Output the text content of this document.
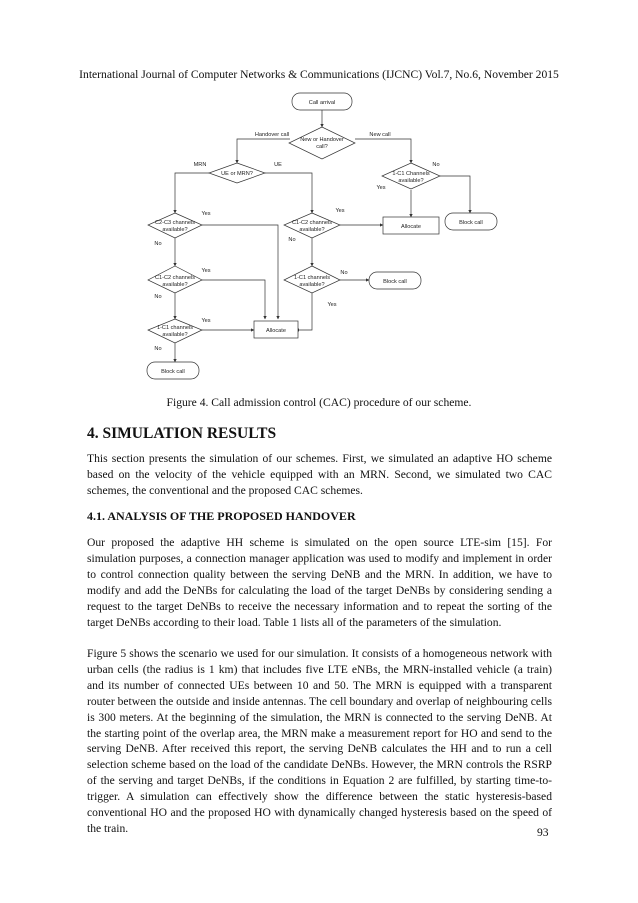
International Journal of Computer Networks & Communications (IJCNC) Vol.7, No.6, November 2015
Call arrival
New or Handover
call?
Handover call	New call
UE or MRN?
MRN	UE
1-C1 Channels
available?
No
Yes
Allocate
Block call
C1-C2 channels
available?
Yes
No
1-C1 channels
available?
No
Yes
Block call
C2-C3 channels
available?
Yes
No
C1-C2 channels
available?
Yes
No
1-C1 channels
available?
Yes
No
Allocate
Block call
Figure 4. Call admission control (CAC) procedure of our scheme.
4. SIMULATION RESULTS

This section presents the simulation of our schemes. First, we simulated an adaptive HO scheme based on the velocity of the vehicle equipped with an MRN. Second, we simulated two CAC schemes, the conventional and the proposed CAC schemes.

4.1. ANALYSIS OF THE PROPOSED HANDOVER

Our proposed the adaptive HH scheme is simulated on the open source LTE-sim [15]. For simulation purposes, a connection manager application was used to modify and implement in order to control connection quality between the serving DeNB and the MRN. In addition, we have to modify and add the DeNBs for calculating the load of the target DeNBs by considering sending a request to the target DeNBs to receive the necessary information and to repeat the sorting of the target DeNBs according to their load. Table 1 lists all of the parameters of the simulation.

Figure 5 shows the scenario we used for our simulation. It consists of a homogeneous network with urban cells (the radius is 1 km) that includes five LTE eNBs, the MRN-installed vehicle (a train) and its number of connected UEs between 10 and 50. The MRN is equipped with a transparent router between the outside and inside antennas. The cell boundary and overlap of neighbouring cells is 300 meters. At the beginning of the simulation, the MRN is connected to the serving DeNB. At the starting point of the overlap area, the MRN make a measurement report for HO and send to the serving DeNB. After received this report, the serving DeNB calculates the HH and to run a cell selection scheme based on the load of the candidate DeNBs. However, the MRN controls the RSRP of the serving and target DeNBs, if the conditions in Equation 2 are fulfilled, by starting time-to-trigger. A simulation can effectively show the difference between the static hysteresis-based conventional HO and the proposed HO with dynamically changed hysteresis based on the speed of the train.	93
